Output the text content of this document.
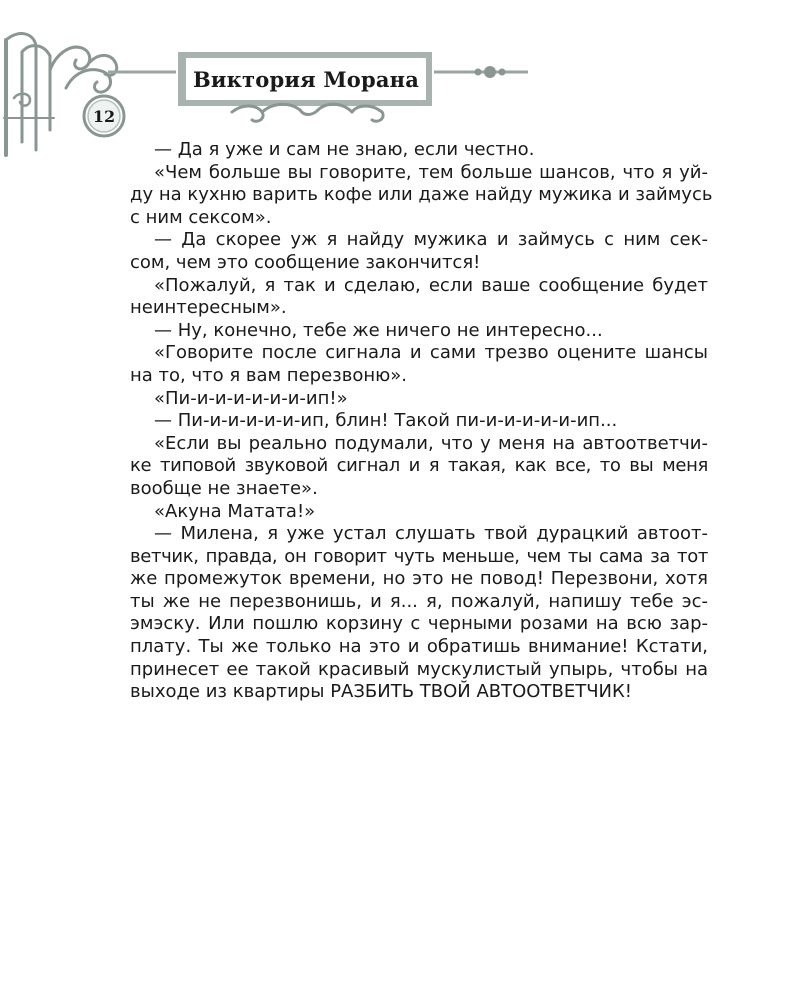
Виктория Морана
12
— Да я уже и сам не знаю, если честно.
«Чем больше вы говорите, тем больше шансов, что я уй-
ду на кухню варить кофе или даже найду мужика и займусь
с ним сексом».
— Да скорее уж я найду мужика и займусь с ним сек-
сом, чем это сообщение закончится!
«Пожалуй, я так и сделаю, если ваше сообщение будет
неинтересным».
— Ну, конечно, тебе же ничего не интересно...
«Говорите после сигнала и сами трезво оцените шансы
на то, что я вам перезвоню».
«Пи-и-и-и-и-и-и-ип!»
— Пи-и-и-и-и-и-ип, блин! Такой пи-и-и-и-и-и-ип...
«Если вы реально подумали, что у меня на автоответчи-
ке типовой звуковой сигнал и я такая, как все, то вы меня
вообще не знаете».
«Акуна Матата!»
— Милена, я уже устал слушать твой дурацкий автоот-
ветчик, правда, он говорит чуть меньше, чем ты сама за тот
же промежуток времени, но это не повод! Перезвони, хотя
ты же не перезвонишь, и я... я, пожалуй, напишу тебе эс-
эмэску. Или пошлю корзину с черными розами на всю зар-
плату. Ты же только на это и обратишь внимание! Кстати,
принесет ее такой красивый мускулистый упырь, чтобы на
выходе из квартиры РАЗБИТЬ ТВОЙ АВТООТВЕТЧИК!
